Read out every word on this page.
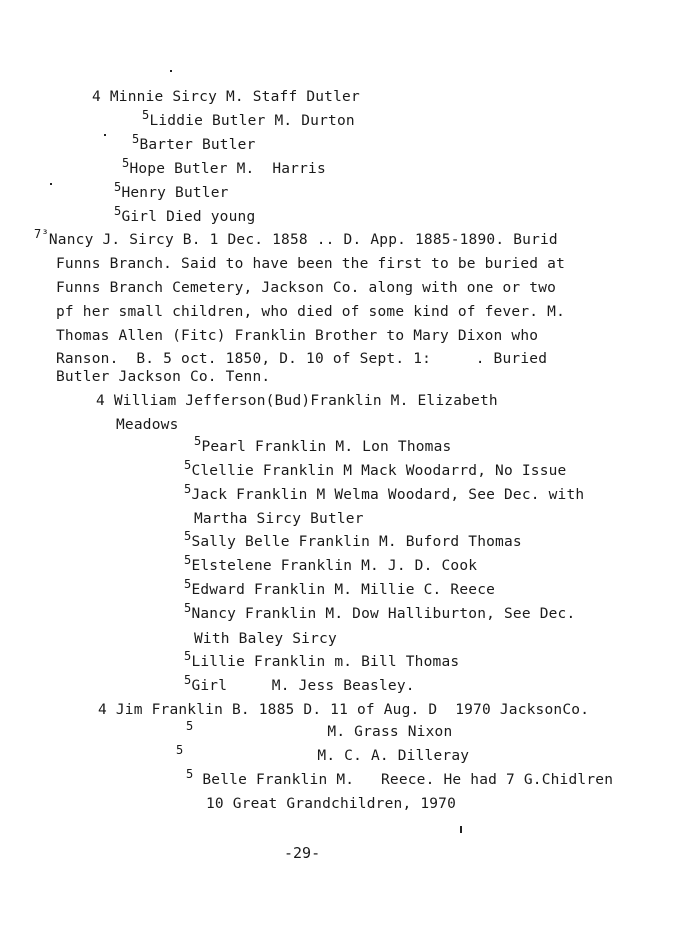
4 Minnie Sircy M. Staff Dutler
$^5$Liddie Butler M. Durton
$^5$Barter Butler
$^5$Hope Butler M.  Harris
$^5$Henry Butler
$^5$Girl Died young
$^{7^3}$Nancy J. Sircy B. 1 Dec. 1858 .. D. App. 1885-1890. Burid
Funns Branch. Said to have been the first to be buried at
Funns Branch Cemetery, Jackson Co. along with one or two
pf her small children, who died of some kind of fever. M.
Thomas Allen (Fitc) Franklin Brother to Mary Dixon who
Ranson.  B. 5 oct. 1850, D. 10 of Sept. 1:     . Buried
Butler Jackson Co. Tenn.
4 William Jefferson(Bud)Franklin M. Elizabeth
Meadows
$^5$Pearl Franklin M. Lon Thomas
$^5$Clellie Franklin M Mack Woodarrd, No Issue
$^5$Jack Franklin M Welma Woodard, See Dec. with
Martha Sircy Butler
$^5$Sally Belle Franklin M. Buford Thomas
$^5$Elstelene Franklin M. J. D. Cook
$^5$Edward Franklin M. Millie C. Reece
$^5$Nancy Franklin M. Dow Halliburton, See Dec.
With Baley Sircy
$^5$Lillie Franklin m. Bill Thomas
$^5$Girl     M. Jess Beasley.
4 Jim Franklin B. 1885 D. 11 of Aug. D  1970 JacksonCo.
$^5$               M. Grass Nixon
$^5$               M. C. A. Dilleray
$^5$ Belle Franklin M.   Reece. He had 7 G.Chidlren
10 Great Grandchildren, 1970
-29-
